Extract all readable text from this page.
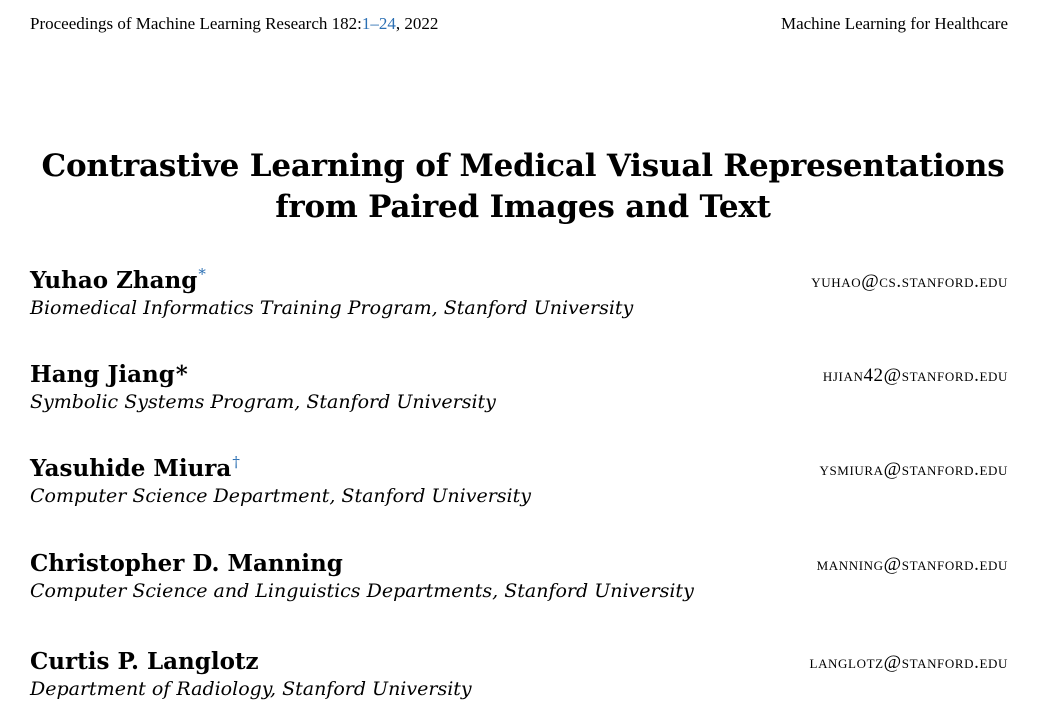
Proceedings of Machine Learning Research 182:1–24, 2022	Machine Learning for Healthcare
Contrastive Learning of Medical Visual Representations
from Paired Images and Text
Yuhao Zhang*	yuhao@cs.stanford.edu
Biomedical Informatics Training Program, Stanford University
Hang Jiang*	hjian42@stanford.edu
Symbolic Systems Program, Stanford University
Yasuhide Miura†	ysmiura@stanford.edu
Computer Science Department, Stanford University
Christopher D. Manning	manning@stanford.edu
Computer Science and Linguistics Departments, Stanford University
Curtis P. Langlotz	langlotz@stanford.edu
Department of Radiology, Stanford University
